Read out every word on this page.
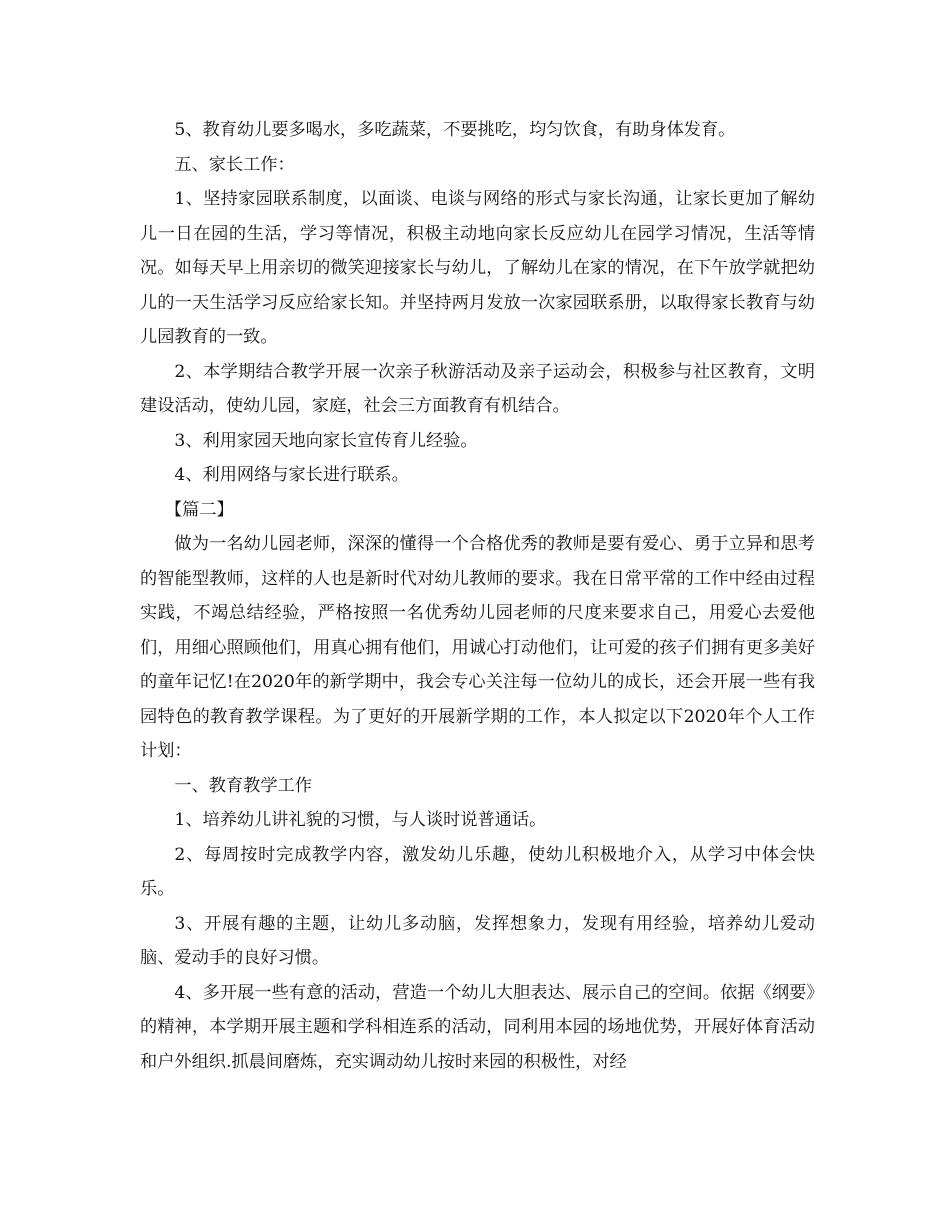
5、教育幼儿要多喝水，多吃蔬菜，不要挑吃，均匀饮食，有助身体发育。

五、家长工作：

1、坚持家园联系制度，以面谈、电谈与网络的形式与家长沟通，让家长更加了解幼儿一日在园的生活，学习等情况，积极主动地向家长反应幼儿在园学习情况，生活等情况。如每天早上用亲切的微笑迎接家长与幼儿，了解幼儿在家的情况，在下午放学就把幼儿的一天生活学习反应给家长知。并坚持两月发放一次家园联系册，以取得家长教育与幼儿园教育的一致。

2、本学期结合教学开展一次亲子秋游活动及亲子运动会，积极参与社区教育，文明建设活动，使幼儿园，家庭，社会三方面教育有机结合。

3、利用家园天地向家长宣传育儿经验。

4、利用网络与家长进行联系。

【篇二】

做为一名幼儿园老师，深深的懂得一个合格优秀的教师是要有爱心、勇于立异和思考的智能型教师，这样的人也是新时代对幼儿教师的要求。我在日常平常的工作中经由过程实践，不竭总结经验，严格按照一名优秀幼儿园老师的尺度来要求自己，用爱心去爱他们，用细心照顾他们，用真心拥有他们，用诚心打动他们，让可爱的孩子们拥有更多美好的童年记忆!在2020年的新学期中，我会专心关注每一位幼儿的成长，还会开展一些有我园特色的教育教学课程。为了更好的开展新学期的工作，本人拟定以下2020年个人工作计划：

一、教育教学工作

1、培养幼儿讲礼貌的习惯，与人谈时说普通话。

2、每周按时完成教学内容，激发幼儿乐趣，使幼儿积极地介入，从学习中体会快乐。

3、开展有趣的主题，让幼儿多动脑，发挥想象力，发现有用经验，培养幼儿爱动脑、爱动手的良好习惯。

4、多开展一些有意的活动，营造一个幼儿大胆表达、展示自己的空间。依据《纲要》的精神，本学期开展主题和学科相连系的活动，同利用本园的场地优势，开展好体育活动和户外组织.抓晨间磨炼，充实调动幼儿按时来园的积极性，对经
